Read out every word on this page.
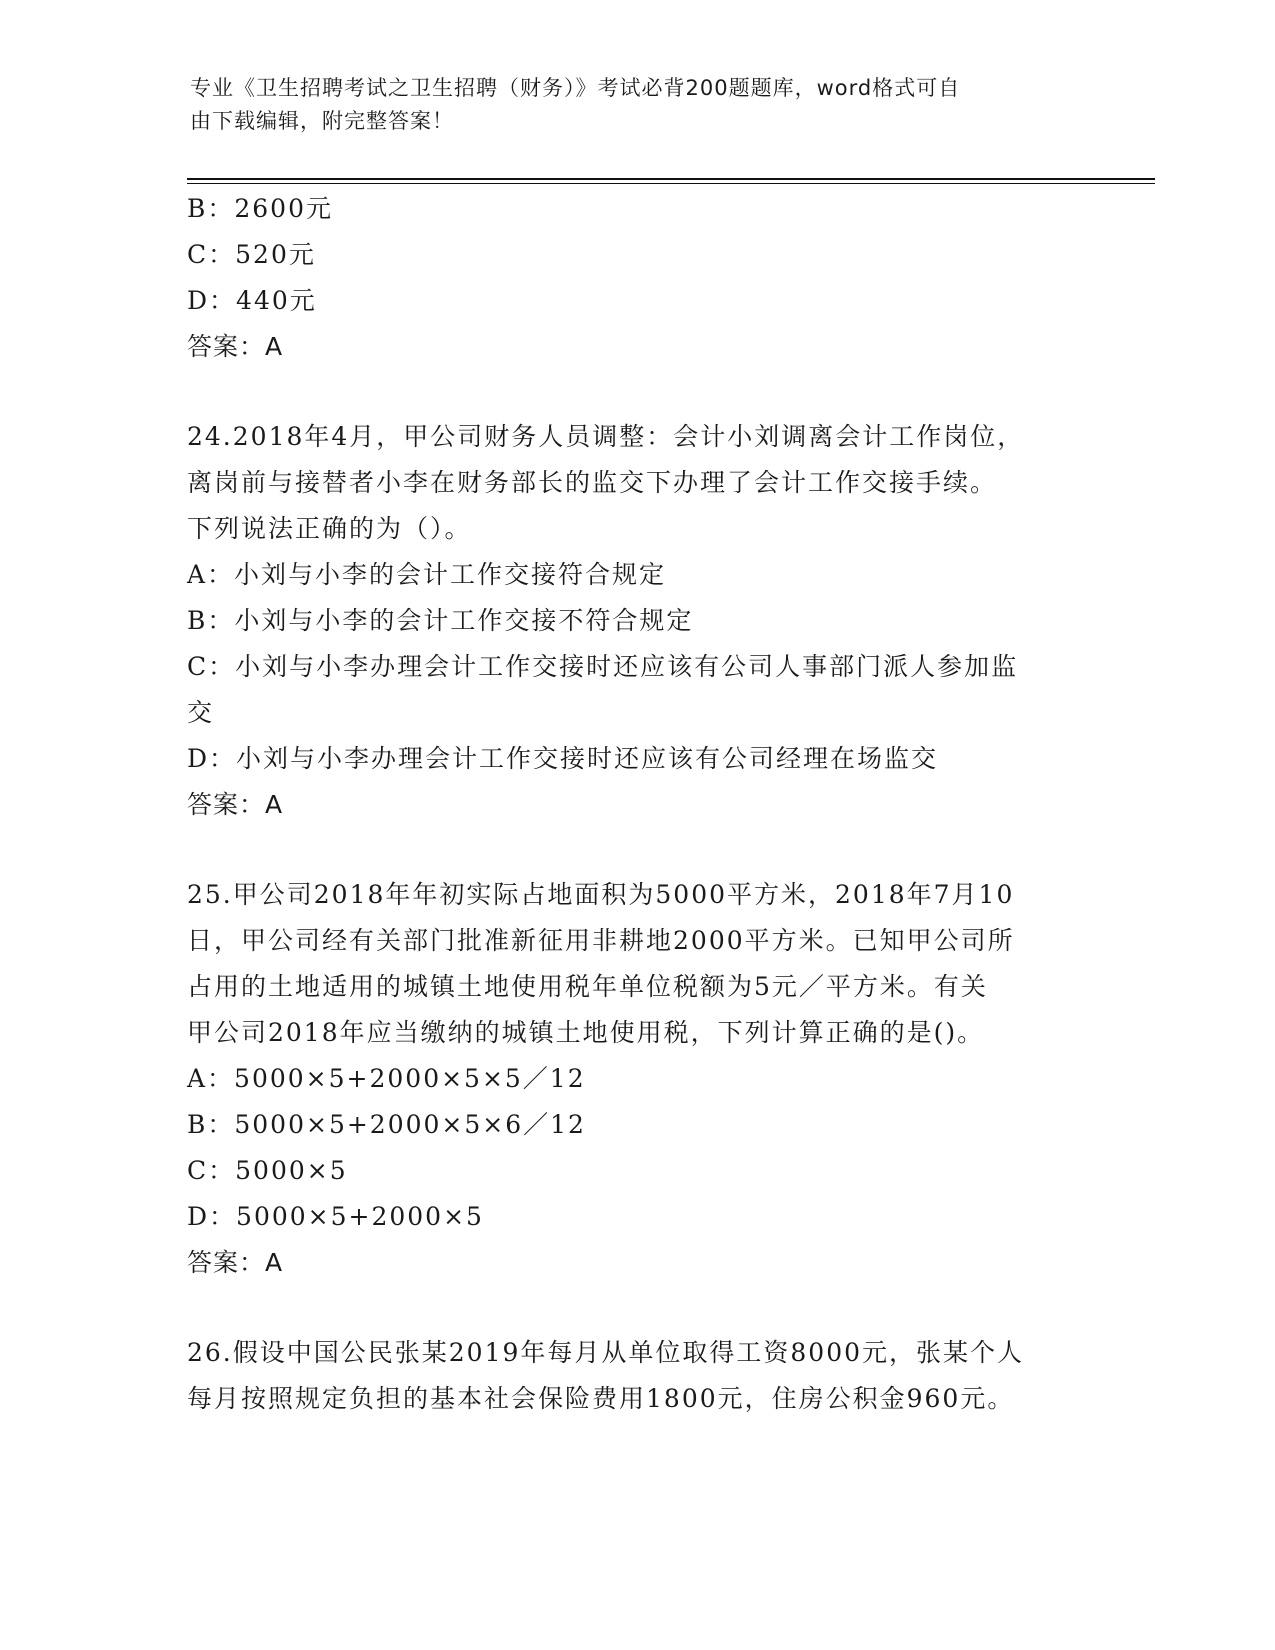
专业《卫生招聘考试之卫生招聘（财务）》考试必背200题题库，word格式可自
由下载编辑，附完整答案！
B：2600元
C：520元
D：440元
答案：A
24.2018年4月，甲公司财务人员调整：会计小刘调离会计工作岗位，
离岗前与接替者小李在财务部长的监交下办理了会计工作交接手续。
下列说法正确的为（）。
A：小刘与小李的会计工作交接符合规定
B：小刘与小李的会计工作交接不符合规定
C：小刘与小李办理会计工作交接时还应该有公司人事部门派人参加监
交
D：小刘与小李办理会计工作交接时还应该有公司经理在场监交
答案：A
25.甲公司2018年年初实际占地面积为5000平方米，2018年7月10
日，甲公司经有关部门批准新征用非耕地2000平方米。已知甲公司所
占用的土地适用的城镇土地使用税年单位税额为5元／平方米。有关
甲公司2018年应当缴纳的城镇土地使用税，下列计算正确的是()。
A：5000×5+2000×5×5／12
B：5000×5+2000×5×6／12
C：5000×5
D：5000×5+2000×5
答案：A
26.假设中国公民张某2019年每月从单位取得工资8000元，张某个人
每月按照规定负担的基本社会保险费用1800元，住房公积金960元。
